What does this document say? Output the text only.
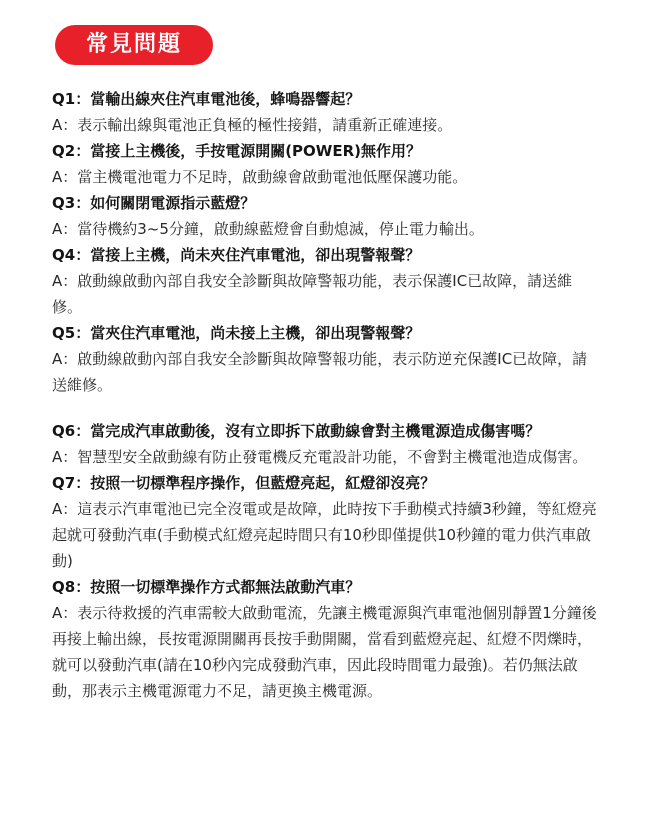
常見問題
Q1：當輸出線夾住汽車電池後，蜂鳴器響起？
A：表示輸出線與電池正負極的極性接錯，請重新正確連接。
Q2：當接上主機後，手按電源開關(POWER)無作用？
A：當主機電池電力不足時，啟動線會啟動電池低壓保護功能。
Q3：如何關閉電源指示藍燈？
A：當待機約3~5分鐘，啟動線藍燈會自動熄滅，停止電力輸出。
Q4：當接上主機，尚未夾住汽車電池，卻出現警報聲？
A：啟動線啟動內部自我安全診斷與故障警報功能，表示保護IC已故障，請送維修。
Q5：當夾住汽車電池，尚未接上主機，卻出現警報聲？
A：啟動線啟動內部自我安全診斷與故障警報功能，表示防逆充保護IC已故障，請送維修。
Q6：當完成汽車啟動後，沒有立即拆下啟動線會對主機電源造成傷害嗎？
A：智慧型安全啟動線有防止發電機反充電設計功能，不會對主機電池造成傷害。
Q7：按照一切標準程序操作，但藍燈亮起，紅燈卻沒亮？
A：這表示汽車電池已完全沒電或是故障，此時按下手動模式持續3秒鐘，等紅燈亮起就可發動汽車(手動模式紅燈亮起時間只有10秒即僅提供10秒鐘的電力供汽車啟動)
Q8：按照一切標準操作方式都無法啟動汽車？
A：表示待救援的汽車需較大啟動電流，先讓主機電源與汽車電池個別靜置1分鐘後再接上輸出線，長按電源開關再長按手動開關，當看到藍燈亮起、紅燈不閃爍時，就可以發動汽車(請在10秒內完成發動汽車，因此段時間電力最強)。若仍無法啟動，那表示主機電源電力不足，請更換主機電源。
